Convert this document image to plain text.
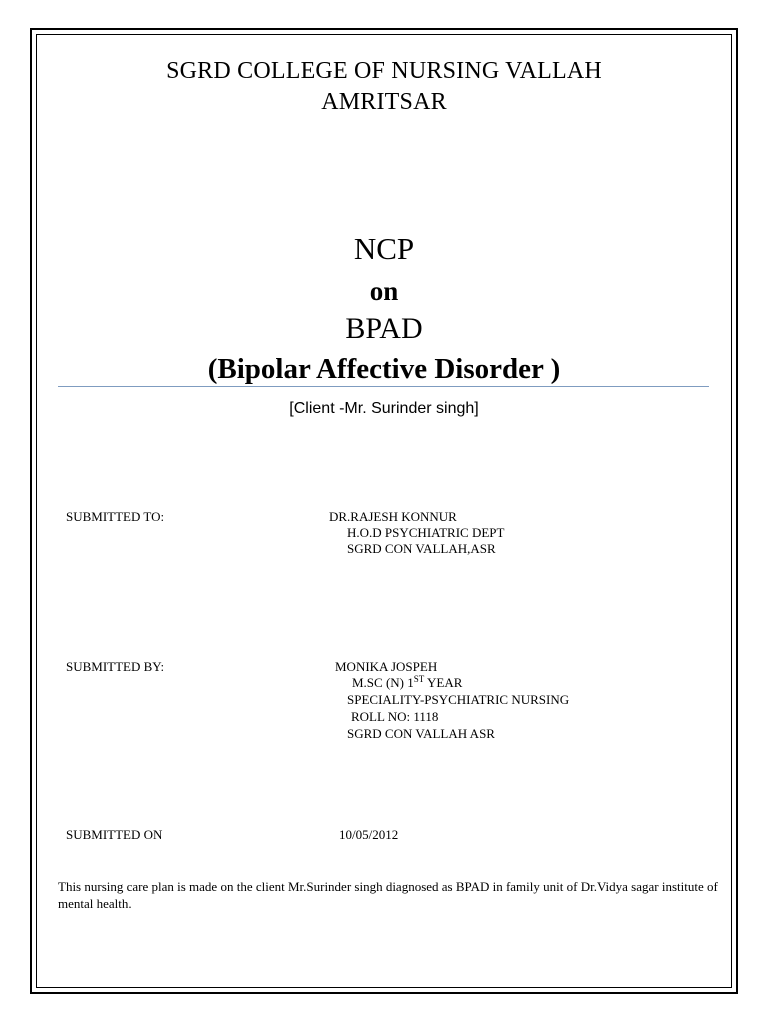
SGRD COLLEGE OF NURSING VALLAH
AMRITSAR
NCP
on
BPAD
(Bipolar Affective Disorder )
[Client -Mr. Surinder singh]
SUBMITTED TO:	DR.RAJESH KONNUR
H.O.D PSYCHIATRIC DEPT
SGRD CON VALLAH,ASR
SUBMITTED BY:	MONIKA JOSPEH
M.SC (N) 1ST YEAR
SPECIALITY-PSYCHIATRIC NURSING
ROLL NO: 1118
SGRD CON VALLAH ASR
SUBMITTED ON	10/05/2012
This nursing care plan is made on the client Mr.Surinder singh diagnosed as BPAD in family unit of Dr.Vidya sagar institute of mental health.
